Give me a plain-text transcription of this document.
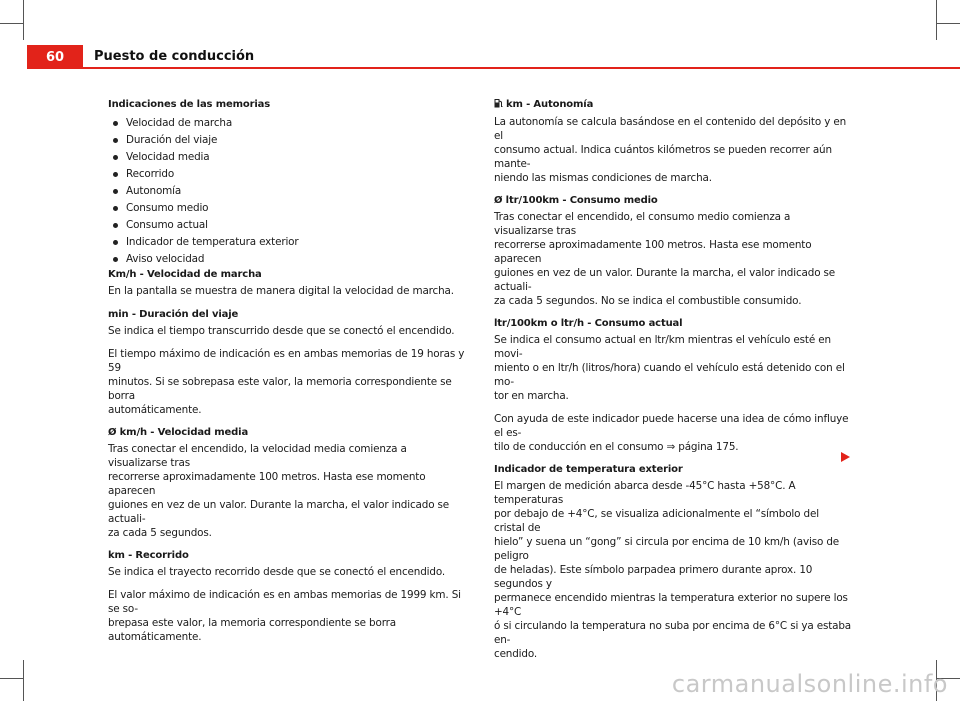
60	Puesto de conducción

Indicaciones de las memorias

Velocidad de marcha
Duración del viaje
Velocidad media
Recorrido
Autonomía
Consumo medio
Consumo actual
Indicador de temperatura exterior
Aviso velocidad

Km/h - Velocidad de marcha

En la pantalla se muestra de manera digital la velocidad de marcha.

min - Duración del viaje

Se indica el tiempo transcurrido desde que se conectó el encendido.

El tiempo máximo de indicación es en ambas memorias de 19 horas y 59

minutos. Si se sobrepasa este valor, la memoria correspondiente se borra

automáticamente.

Ø km/h - Velocidad media

Tras conectar el encendido, la velocidad media comienza a visualizarse tras

recorrerse aproximadamente 100 metros. Hasta ese momento aparecen

guiones en vez de un valor. Durante la marcha, el valor indicado se actuali-

za cada 5 segundos.

km - Recorrido

Se indica el trayecto recorrido desde que se conectó el encendido.

El valor máximo de indicación es en ambas memorias de 1999 km. Si se so-

brepasa este valor, la memoria correspondiente se borra automáticamente.

km - Autonomía

La autonomía se calcula basándose en el contenido del depósito y en el

consumo actual. Indica cuántos kilómetros se pueden recorrer aún mante-

niendo las mismas condiciones de marcha.

Ø ltr/100km - Consumo medio

Tras conectar el encendido, el consumo medio comienza a visualizarse tras

recorrerse aproximadamente 100 metros. Hasta ese momento aparecen

guiones en vez de un valor. Durante la marcha, el valor indicado se actuali-

za cada 5 segundos. No se indica el combustible consumido.

ltr/100km o ltr/h - Consumo actual

Se indica el consumo actual en ltr/km mientras el vehículo esté en movi-

miento o en ltr/h (litros/hora) cuando el vehículo está detenido con el mo-

tor en marcha.

Con ayuda de este indicador puede hacerse una idea de cómo influye el es-

tilo de conducción en el consumo ⇒ página 175.

Indicador de temperatura exterior

El margen de medición abarca desde -45°C hasta +58°C. A temperaturas

por debajo de +4°C, se visualiza adicionalmente el “símbolo del cristal de

hielo” y suena un “gong” si circula por encima de 10 km/h (aviso de peligro

de heladas). Este símbolo parpadea primero durante aprox. 10 segundos y

permanece encendido mientras la temperatura exterior no supere los +4°C

ó si circulando la temperatura no suba por encima de 6°C si ya estaba en-

cendido.

carmanualsonline.info
